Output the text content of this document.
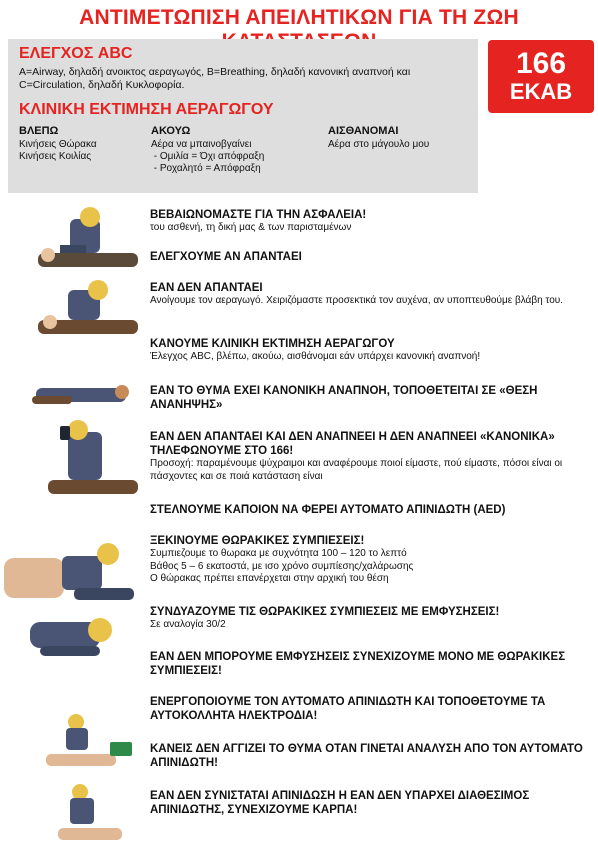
ΑΝΤΙΜΕΤΩΠΙΣΗ ΑΠΕΙΛΗΤΙΚΩΝ ΓΙΑ ΤΗ ΖΩΗ
ΕΛΕΓΧΟΣ ABC
A=Airway, δηλαδή ανοικτος αεραγωγός, B=Breathing, δηλαδή κανονική αναπνοή και C=Circulation, δηλαδή Κυκλοφορία.
ΚΛΙΝΙΚΗ ΕΚΤΙΜΗΣΗ ΑΕΡΑΓΩΓΟΥ
ΒΛΕΠΩ
Κινήσεις Θώρακα
Κινήσεις Κοιλίας
ΑΚΟΥΩ
Αέρα να μπαινοβγαίνει
- Ομιλία = Όχι απόφραξη
- Ροχαλητό = Απόφραξη
ΑΙΣΘΑΝΟΜΑΙ
Αέρα στο μάγουλο μου
166
ΕΚΑΒ
ΒΕΒΑΙΩΝΟΜΑΣΤΕ ΓΙΑ ΤΗΝ ΑΣΦΑΛΕΙΑ!
του ασθενή, τη δική μας & των παρισταμένων
ΕΛΕΓΧΟΥΜΕ ΑΝ ΑΠΑΝΤΑΕΙ
ΕΑΝ ΔΕΝ ΑΠΑΝΤΑΕΙ
Ανοίγουμε τον αεραγωγό. Χειριζόμαστε προσεκτικά τον αυχένα, αν υποπτευθούμε βλάβη του.
ΚΑΝΟΥΜΕ ΚΛΙΝΙΚΗ ΕΚΤΙΜΗΣΗ ΑΕΡΑΓΩΓΟΥ
Έλεγχος ABC, βλέπω, ακούω, αισθάνομαι εάν υπάρχει κανονική αναπνοή!
ΕΑΝ ΤΟ ΘΥΜΑ ΕΧΕΙ ΚΑΝΟΝΙΚΗ ΑΝΑΠΝΟΗ, ΤΟΠΟΘΕΤΕΙΤΑΙ ΣΕ «ΘΕΣΗ ΑΝΑΝΗΨΗΣ»
ΕΑΝ ΔΕΝ ΑΠΑΝΤΑΕΙ ΚΑΙ ΔΕΝ ΑΝΑΠΝΕΕΙ Η ΔΕΝ ΑΝΑΠΝΕΕΙ «ΚΑΝΟΝΙΚΑ» ΤΗΛΕΦΩΝΟΥΜΕ ΣΤΟ 166!
Προσοχή: παραμένουμε ψύχραιμοι και αναφέρουμε ποιοί είμαστε, πού είμαστε, πόσοι είναι οι πάσχοντες και σε ποιά κατάσταση είναι
ΣΤΕΛΝΟΥΜΕ ΚΑΠΟΙΟΝ ΝΑ ΦΕΡΕΙ ΑΥΤΟΜΑΤΟ ΑΠΙΝΙΔΩΤΗ (AED)
ΞΕΚΙΝΟΥΜΕ ΘΩΡΑΚΙΚΕΣ ΣΥΜΠΙΕΣΕΙΣ!
Συμπιεζουμε το θωρακα με συχνότητα 100 – 120 το λεπτό
Βάθος 5 – 6 εκατοστά, με ισο χρόνο συμπίεσης/χαλάρωσης
Ο θώρακας πρέπει επανέρχεται στην αρχική του θέση
ΣΥΝΔΥΑΖΟΥΜΕ ΤΙΣ ΘΩΡΑΚΙΚΕΣ ΣΥΜΠΙΕΣΕΙΣ ΜΕ ΕΜΦΥΣΗΣΕΙΣ!
Σε αναλογία 30/2
ΕΑΝ ΔΕΝ ΜΠΟΡΟΥΜΕ ΕΜΦΥΣΗΣΕΙΣ ΣΥΝΕΧΙΖΟΥΜΕ ΜΟΝΟ ΜΕ ΘΩΡΑΚΙΚΕΣ ΣΥΜΠΙΕΣΕΙΣ!
ΕΝΕΡΓΟΠΟΙΟΥΜΕ ΤΟΝ ΑΥΤΟΜΑΤΟ ΑΠΙΝΙΔΩΤΗ ΚΑΙ ΤΟΠΟΘΕΤΟΥΜΕ ΤΑ ΑΥΤΟΚΟΛΛΗΤΑ ΗΛΕΚΤΡΟΔΙΑ!
ΚΑΝΕΙΣ ΔΕΝ ΑΓΓΙΖΕΙ ΤΟ ΘΥΜΑ ΟΤΑΝ ΓΙΝΕΤΑΙ ΑΝΑΛΥΣΗ ΑΠΟ ΤΟΝ ΑΥΤΟΜΑΤΟ ΑΠΙΝΙΔΩΤΗ!
ΕΑΝ ΔΕΝ ΣΥΝΙΣΤΑΤΑΙ ΑΠΙΝΙΔΩΣΗ Η ΕΑΝ ΔΕΝ ΥΠΑΡΧΕΙ ΔΙΑΘΕΣΙΜΟΣ ΑΠΙΝΙΔΩΤΗΣ, ΣΥΝΕΧΙΖΟΥΜΕ ΚΑΡΠΑ!
